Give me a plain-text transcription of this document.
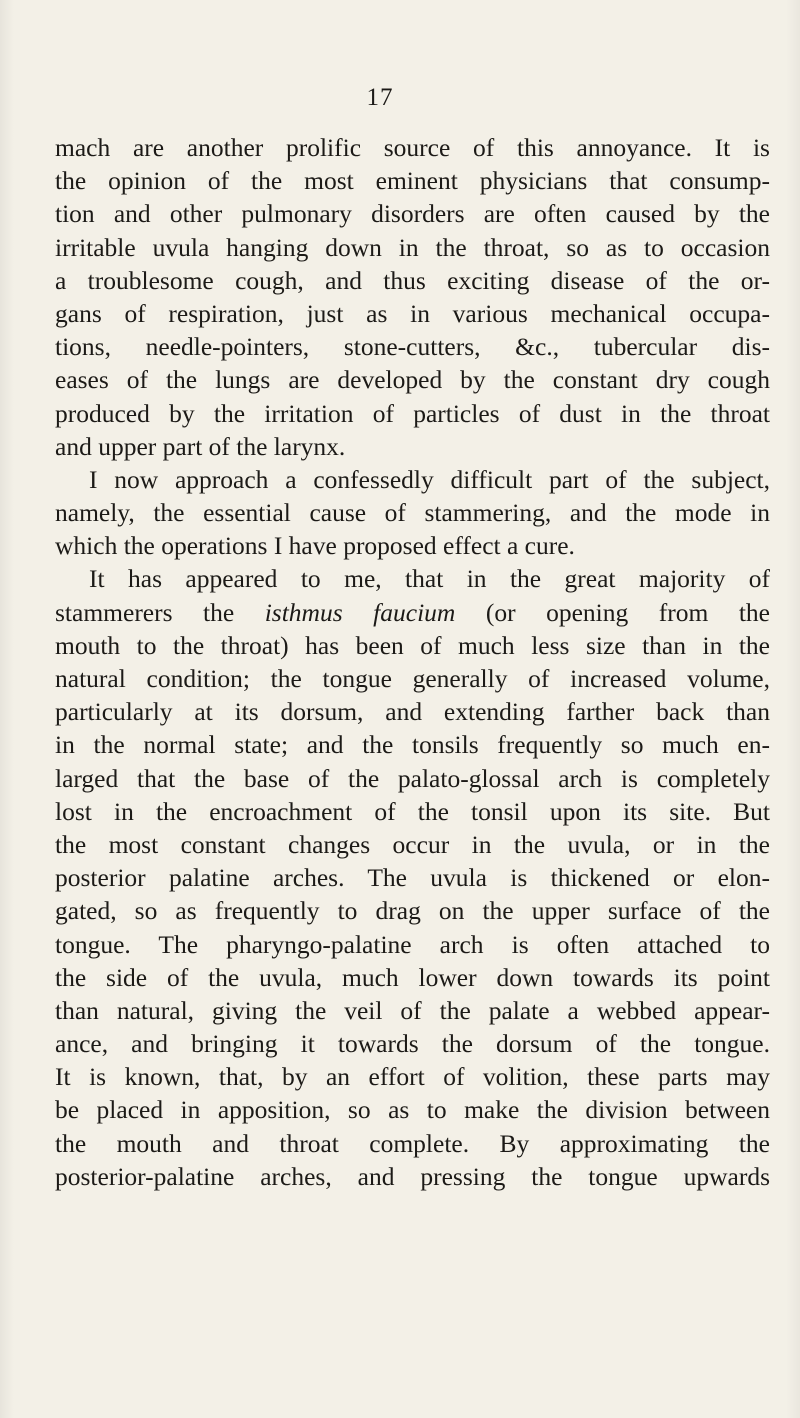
17
mach are another prolific source of this annoyance. It is
the opinion of the most eminent physicians that consump-
tion and other pulmonary disorders are often caused by the
irritable uvula hanging down in the throat, so as to occasion
a troublesome cough, and thus exciting disease of the or-
gans of respiration, just as in various mechanical occupa-
tions, needle-pointers, stone-cutters, &c., tubercular dis-
eases of the lungs are developed by the constant dry cough
produced by the irritation of particles of dust in the throat
and upper part of the larynx.
I now approach a confessedly difficult part of the subject,
namely, the essential cause of stammering, and the mode in
which the operations I have proposed effect a cure.
It has appeared to me, that in the great majority of
stammerers the isthmus faucium (or opening from the
mouth to the throat) has been of much less size than in the
natural condition; the tongue generally of increased volume,
particularly at its dorsum, and extending farther back than
in the normal state; and the tonsils frequently so much en-
larged that the base of the palato-glossal arch is completely
lost in the encroachment of the tonsil upon its site. But
the most constant changes occur in the uvula, or in the
posterior palatine arches. The uvula is thickened or elon-
gated, so as frequently to drag on the upper surface of the
tongue. The pharyngo-palatine arch is often attached to
the side of the uvula, much lower down towards its point
than natural, giving the veil of the palate a webbed appear-
ance, and bringing it towards the dorsum of the tongue.
It is known, that, by an effort of volition, these parts may
be placed in apposition, so as to make the division between
the mouth and throat complete. By approximating the
posterior-palatine arches, and pressing the tongue upwards
